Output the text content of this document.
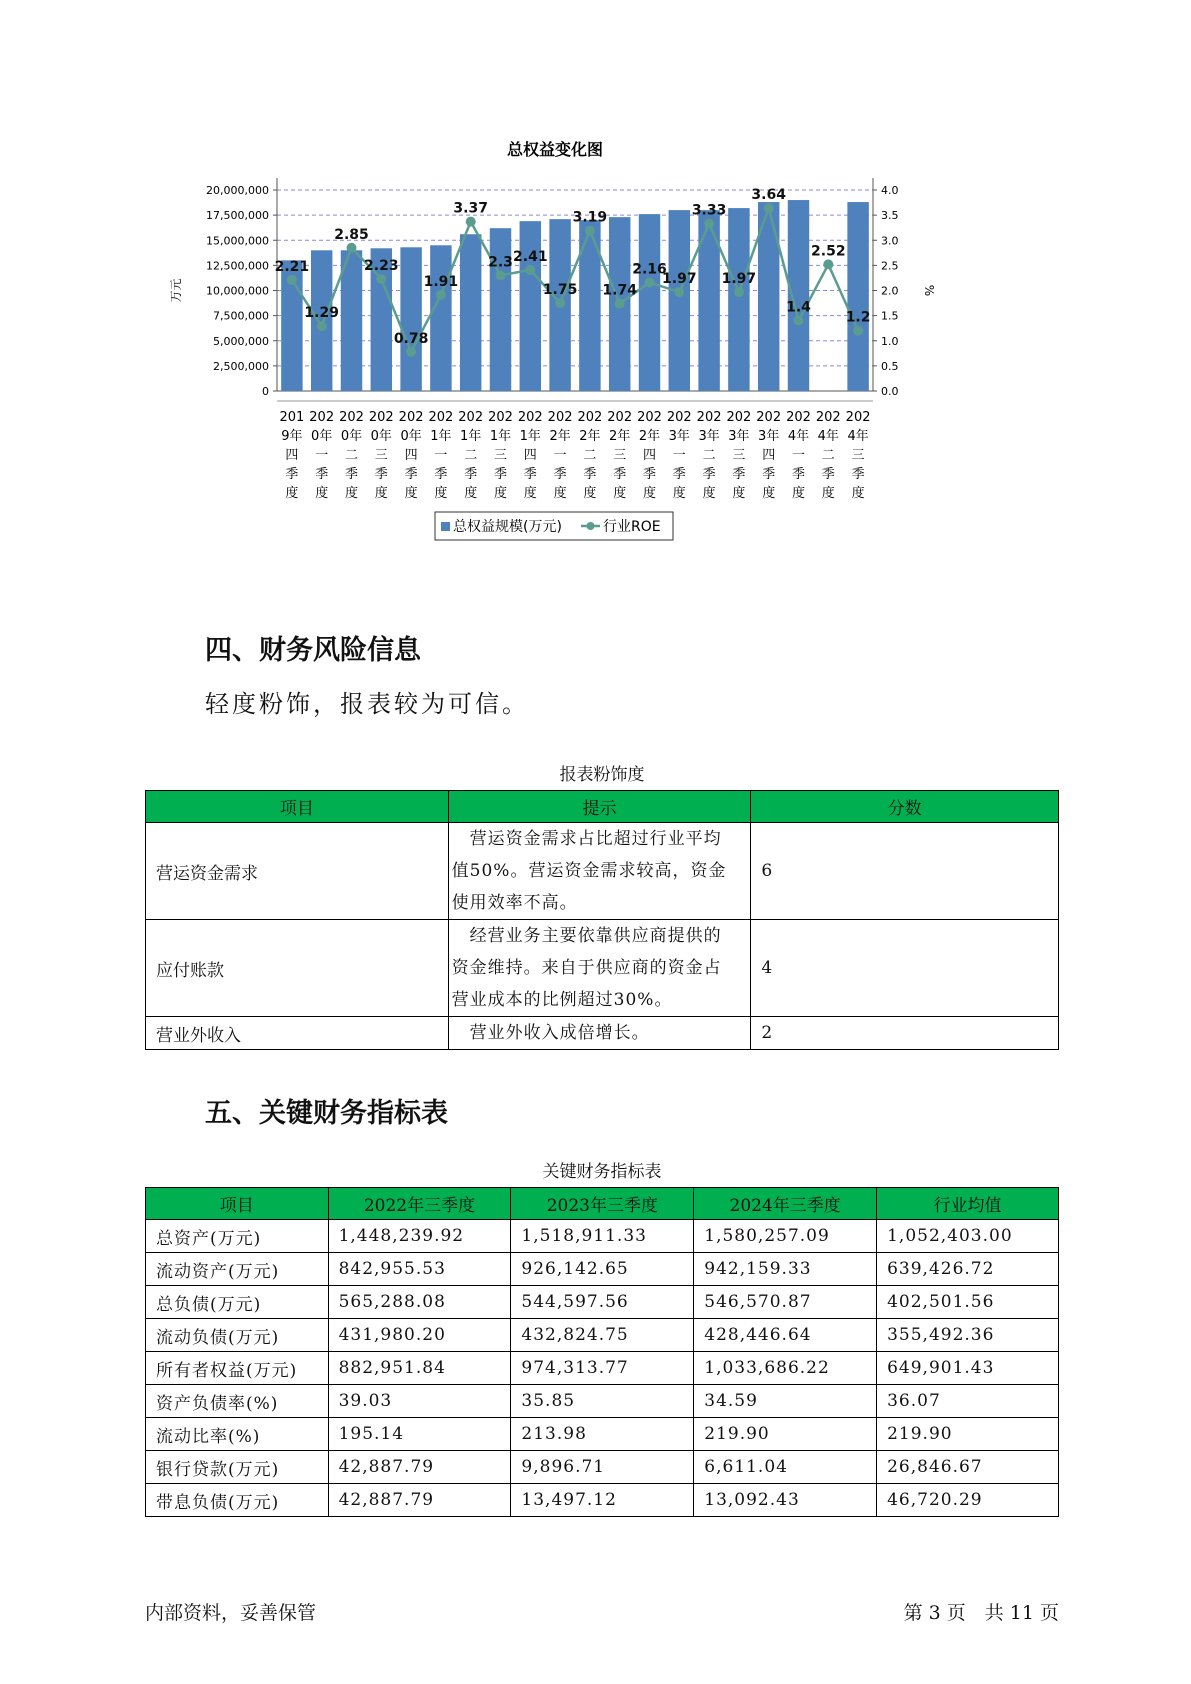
总权益变化图
0
2,500,000
5,000,000
7,500,000
10,000,000
12,500,000
15,000,000
17,500,000
20,000,000
0.0
0.5
1.0
1.5
2.0
2.5
3.0
3.5
4.0
万元	%
2.21
1.29
2.85
2.23
0.78
1.91
3.37
2.3 2.41
1.75
3.19
1.74
2.16
1.97
3.33
1.97
3.64
1.4
2.52
1.2
201
9年
四
季
度
202
0年
一
季
度
202
0年
二
季
度
202
0年
三
季
度
202
0年
四
季
度
202
1年
一
季
度
202
1年
二
季
度
202
1年
三
季
度
202
1年
四
季
度
202
2年
一
季
度
202
2年
二
季
度
202
2年
三
季
度
202
2年
四
季
度
202
3年
一
季
度
202
3年
二
季
度
202
3年
三
季
度
202
3年
四
季
度
202
4年
一
季
度
202
4年
二
季
度
202
4年
三
季
度
总权益规模(万元)	行业ROE
四、财务风险信息
轻度粉饰，报表较为可信。
报表粉饰度
项目	提示	分数
营运资金需求	　营运资金需求占比超过行业平均
值50%。营运资金需求较高，资金
使用效率不高。	6
应付账款	　经营业务主要依靠供应商提供的
资金维持。来自于供应商的资金占
营业成本的比例超过30%。	4
营业外收入	　营业外收入成倍增长。	2
五、关键财务指标表
关键财务指标表
项目	2022年三季度	2023年三季度	2024年三季度	行业均值
总资产(万元)	1,448,239.92	1,518,911.33	1,580,257.09	1,052,403.00
流动资产(万元)	842,955.53	926,142.65	942,159.33	639,426.72
总负债(万元)	565,288.08	544,597.56	546,570.87	402,501.56
流动负债(万元)	431,980.20	432,824.75	428,446.64	355,492.36
所有者权益(万元)	882,951.84	974,313.77	1,033,686.22	649,901.43
资产负债率(%)	39.03	35.85	34.59	36.07
流动比率(%)	195.14	213.98	219.90	219.90
银行贷款(万元)	42,887.79	9,896.71	6,611.04	26,846.67
带息负债(万元)	42,887.79	13,497.12	13,092.43	46,720.29
内部资料，妥善保管	第 3 页　共 11 页
